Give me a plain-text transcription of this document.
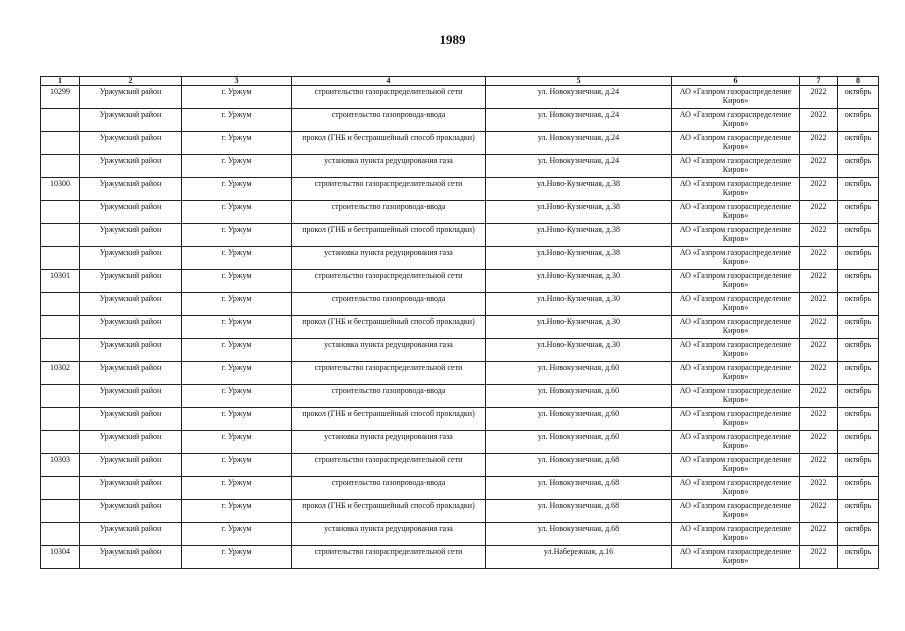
1989
1	2	3	4	5	6	7	8
10299	Уржумский район	г. Уржум	строительство газораспределительной сети	ул. Новокузнечная, д.24	АО «Газпром газораспределение Киров»	2022	октябрь
	Уржумский район	г. Уржум	строительство газопровода-ввода	ул. Новокузнечная, д.24	АО «Газпром газораспределение Киров»	2022	октябрь
	Уржумский район	г. Уржум	прокол (ГНБ и бестраншейный способ прокладки)	ул. Новокузнечная, д.24	АО «Газпром газораспределение Киров»	2022	октябрь
	Уржумский район	г. Уржум	установка пункта редуцирования газа	ул. Новокузнечная, д.24	АО «Газпром газораспределение Киров»	2022	октябрь
10300	Уржумский район	г. Уржум	строительство газораспределительной сети	ул.Ново-Кузнечная, д.38	АО «Газпром газораспределение Киров»	2022	октябрь
	Уржумский район	г. Уржум	строительство газопровода-ввода	ул.Ново-Кузнечная, д.38	АО «Газпром газораспределение Киров»	2022	октябрь
	Уржумский район	г. Уржум	прокол (ГНБ и бестраншейный способ прокладки)	ул.Ново-Кузнечная, д.38	АО «Газпром газораспределение Киров»	2022	октябрь
	Уржумский район	г. Уржум	установка пункта редуцирования газа	ул.Ново-Кузнечная, д.38	АО «Газпром газораспределение Киров»	2022	октябрь
10301	Уржумский район	г. Уржум	строительство газораспределительной сети	ул.Ново-Кузнечная, д.30	АО «Газпром газораспределение Киров»	2022	октябрь
	Уржумский район	г. Уржум	строительство газопровода-ввода	ул.Ново-Кузнечная, д.30	АО «Газпром газораспределение Киров»	2022	октябрь
	Уржумский район	г. Уржум	прокол (ГНБ и бестраншейный способ прокладки)	ул.Ново-Кузнечная, д.30	АО «Газпром газораспределение Киров»	2022	октябрь
	Уржумский район	г. Уржум	установка пункта редуцирования газа	ул.Ново-Кузнечная, д.30	АО «Газпром газораспределение Киров»	2022	октябрь
10302	Уржумский район	г. Уржум	строительство газораспределительной сети	ул. Новокузнечная, д.60	АО «Газпром газораспределение Киров»	2022	октябрь
	Уржумский район	г. Уржум	строительство газопровода-ввода	ул. Новокузнечная, д.60	АО «Газпром газораспределение Киров»	2022	октябрь
	Уржумский район	г. Уржум	прокол (ГНБ и бестраншейный способ прокладки)	ул. Новокузнечная, д.60	АО «Газпром газораспределение Киров»	2022	октябрь
	Уржумский район	г. Уржум	установка пункта редуцирования газа	ул. Новокузнечная, д.60	АО «Газпром газораспределение Киров»	2022	октябрь
10303	Уржумский район	г. Уржум	строительство газораспределительной сети	ул. Новокузнечная, д.68	АО «Газпром газораспределение Киров»	2022	октябрь
	Уржумский район	г. Уржум	строительство газопровода-ввода	ул. Новокузнечная, д.68	АО «Газпром газораспределение Киров»	2022	октябрь
	Уржумский район	г. Уржум	прокол (ГНБ и бестраншейный способ прокладки)	ул. Новокузнечная, д.68	АО «Газпром газораспределение Киров»	2022	октябрь
	Уржумский район	г. Уржум	установка пункта редуцирования газа	ул. Новокузнечная, д.68	АО «Газпром газораспределение Киров»	2022	октябрь
10304	Уржумский район	г. Уржум	строительство газораспределительной сети	ул.Набережная, д.16	АО «Газпром газораспределение Киров»	2022	октябрь
